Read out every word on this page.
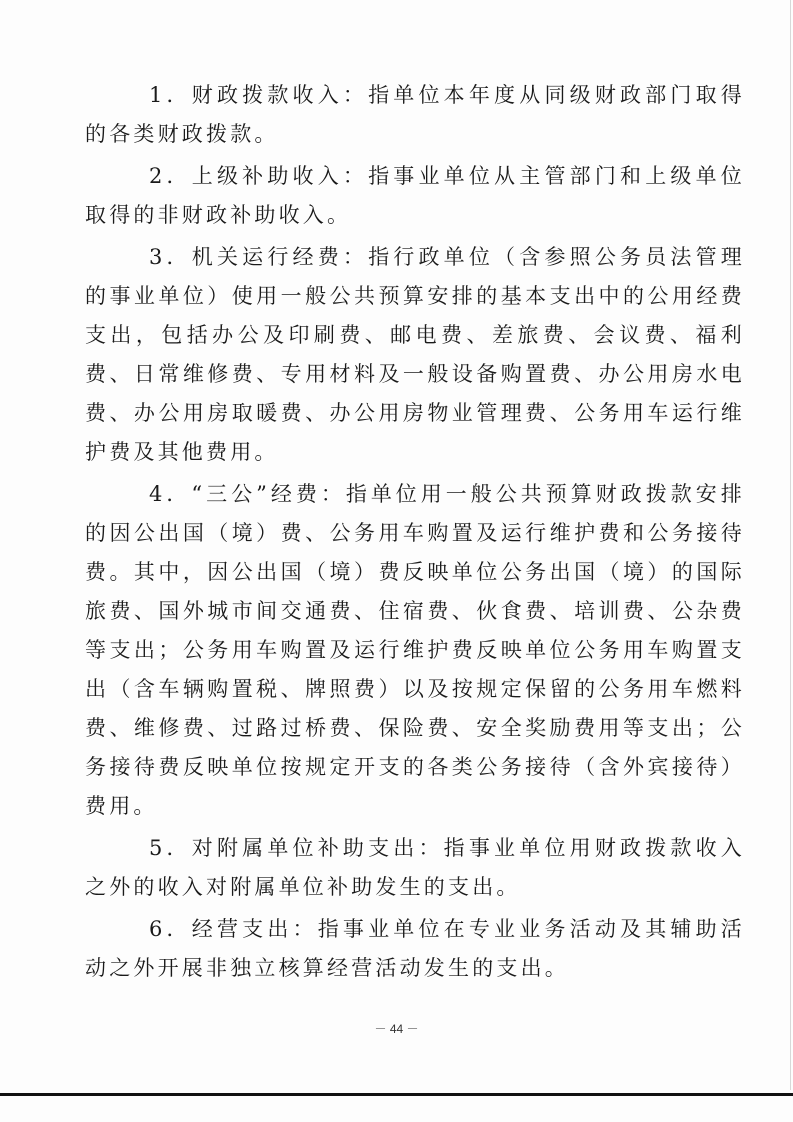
1．财政拨款收入：指单位本年度从同级财政部门取得的各类财政拨款。

2．上级补助收入：指事业单位从主管部门和上级单位取得的非财政补助收入。

3．机关运行经费：指行政单位（含参照公务员法管理的事业单位）使用一般公共预算安排的基本支出中的公用经费支出，包括办公及印刷费、邮电费、差旅费、会议费、福利费、日常维修费、专用材料及一般设备购置费、办公用房水电费、办公用房取暖费、办公用房物业管理费、公务用车运行维护费及其他费用。

4．“三公”经费：指单位用一般公共预算财政拨款安排的因公出国（境）费、公务用车购置及运行维护费和公务接待费。其中，因公出国（境）费反映单位公务出国（境）的国际旅费、国外城市间交通费、住宿费、伙食费、培训费、公杂费等支出；公务用车购置及运行维护费反映单位公务用车购置支出（含车辆购置税、牌照费）以及按规定保留的公务用车燃料费、维修费、过路过桥费、保险费、安全奖励费用等支出；公务接待费反映单位按规定开支的各类公务接待（含外宾接待）费用。

5．对附属单位补助支出：指事业单位用财政拨款收入之外的收入对附属单位补助发生的支出。

6．经营支出：指事业单位在专业业务活动及其辅助活动之外开展非独立核算经营活动发生的支出。

－ 44 －
